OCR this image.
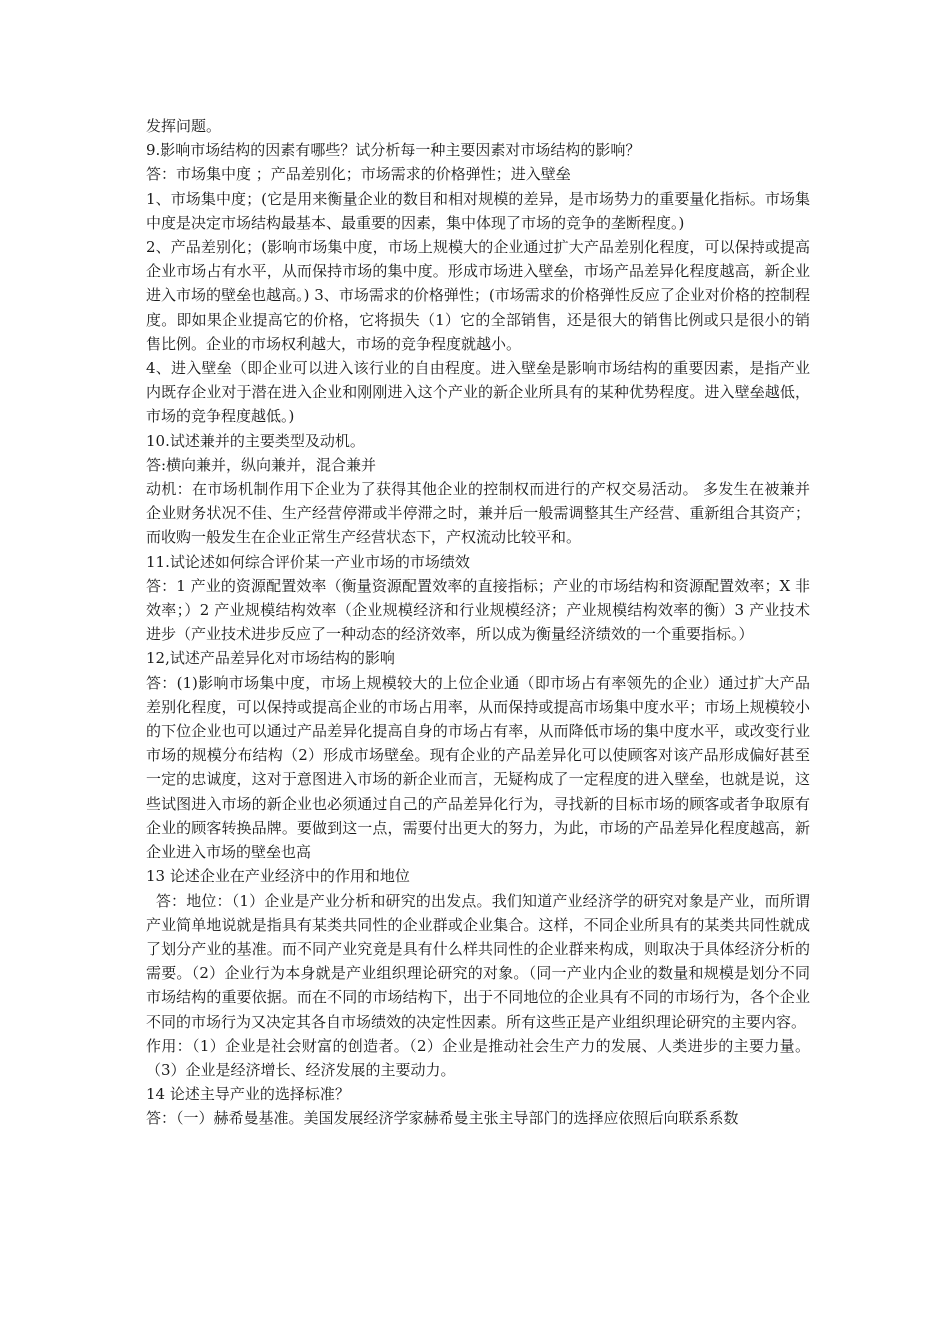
发挥问题。

9.影响市场结构的因素有哪些？试分析每一种主要因素对市场结构的影响？

答：市场集中度 ；产品差别化；市场需求的价格弹性；进入壁垒

1、市场集中度；(它是用来衡量企业的数目和相对规模的差异，是市场势力的重要量化指标。市场集中度是决定市场结构最基本、最重要的因素，集中体现了市场的竞争的垄断程度。)

2、产品差别化；(影响市场集中度，市场上规模大的企业通过扩大产品差别化程度，可以保持或提高企业市场占有水平，从而保持市场的集中度。形成市场进入壁垒，市场产品差异化程度越高，新企业进入市场的壁垒也越高。) 3、市场需求的价格弹性；(市场需求的价格弹性反应了企业对价格的控制程度。即如果企业提高它的价格，它将损失（1）它的全部销售，还是很大的销售比例或只是很小的销售比例。企业的市场权利越大，市场的竞争程度就越小。

4、进入壁垒（即企业可以进入该行业的自由程度。进入壁垒是影响市场结构的重要因素，是指产业内既存企业对于潜在进入企业和刚刚进入这个产业的新企业所具有的某种优势程度。进入壁垒越低，市场的竞争程度越低。)

10.试述兼并的主要类型及动机。

答:横向兼并，纵向兼并，混合兼并

动机：在市场机制作用下企业为了获得其他企业的控制权而进行的产权交易活动。 多发生在被兼并企业财务状况不佳、生产经营停滞或半停滞之时，兼并后一般需调整其生产经营、重新组合其资产；而收购一般发生在企业正常生产经营状态下，产权流动比较平和。

11.试论述如何综合评价某一产业市场的市场绩效

答：1 产业的资源配置效率（衡量资源配置效率的直接指标；产业的市场结构和资源配置效率；X 非效率；）2 产业规模结构效率（企业规模经济和行业规模经济；产业规模结构效率的衡）3 产业技术进步（产业技术进步反应了一种动态的经济效率，所以成为衡量经济绩效的一个重要指标。）

12,试述产品差异化对市场结构的影响

答：(1)影响市场集中度，市场上规模较大的上位企业通（即市场占有率领先的企业）通过扩大产品差别化程度，可以保持或提高企业的市场占用率，从而保持或提高市场集中度水平；市场上规模较小的下位企业也可以通过产品差异化提高自身的市场占有率，从而降低市场的集中度水平，或改变行业市场的规模分布结构（2）形成市场壁垒。现有企业的产品差异化可以使顾客对该产品形成偏好甚至一定的忠诚度，这对于意图进入市场的新企业而言，无疑构成了一定程度的进入壁垒，也就是说，这些试图进入市场的新企业也必须通过自己的产品差异化行为，寻找新的目标市场的顾客或者争取原有企业的顾客转换品牌。要做到这一点，需要付出更大的努力，为此，市场的产品差异化程度越高，新企业进入市场的壁垒也高

13 论述企业在产业经济中的作用和地位

答：地位：（1）企业是产业分析和研究的出发点。我们知道产业经济学的研究对象是产业，而所谓产业简单地说就是指具有某类共同性的企业群或企业集合。这样，不同企业所具有的某类共同性就成了划分产业的基准。而不同产业究竟是具有什么样共同性的企业群来构成，则取决于具体经济分析的需要。（2）企业行为本身就是产业组织理论研究的对象。（同一产业内企业的数量和规模是划分不同市场结构的重要依据。而在不同的市场结构下，出于不同地位的企业具有不同的市场行为，各个企业不同的市场行为又决定其各自市场绩效的决定性因素。所有这些正是产业组织理论研究的主要内容。

作用：（1）企业是社会财富的创造者。（2）企业是推动社会生产力的发展、人类进步的主要力量。（3）企业是经济增长、经济发展的主要动力。

14 论述主导产业的选择标准？

答：（一）赫希曼基准。美国发展经济学家赫希曼主张主导部门的选择应依照后向联系系数
